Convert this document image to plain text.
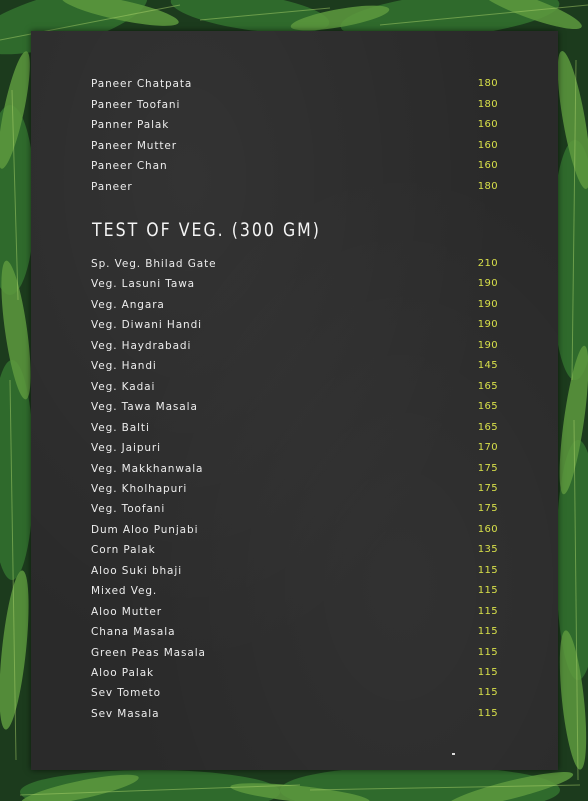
Paneer Chatpata	180
Paneer Toofani	180
Panner Palak	160
Paneer Mutter	160
Paneer Chan	160
Paneer	180
TEST OF VEG. (300 GM)
Sp. Veg. Bhilad Gate	210
Veg. Lasuni Tawa	190
Veg. Angara	190
Veg. Diwani Handi	190
Veg. Haydrabadi	190
Veg. Handi	145
Veg. Kadai	165
Veg. Tawa Masala	165
Veg. Balti	165
Veg. Jaipuri	170
Veg. Makkhanwala	175
Veg. Kholhapuri	175
Veg. Toofani	175
Dum Aloo Punjabi	160
Corn Palak	135
Aloo Suki bhaji	115
Mixed Veg.	115
Aloo Mutter	115
Chana Masala	115
Green Peas Masala	115
Aloo Palak	115
Sev Tometo	115
Sev Masala	115
